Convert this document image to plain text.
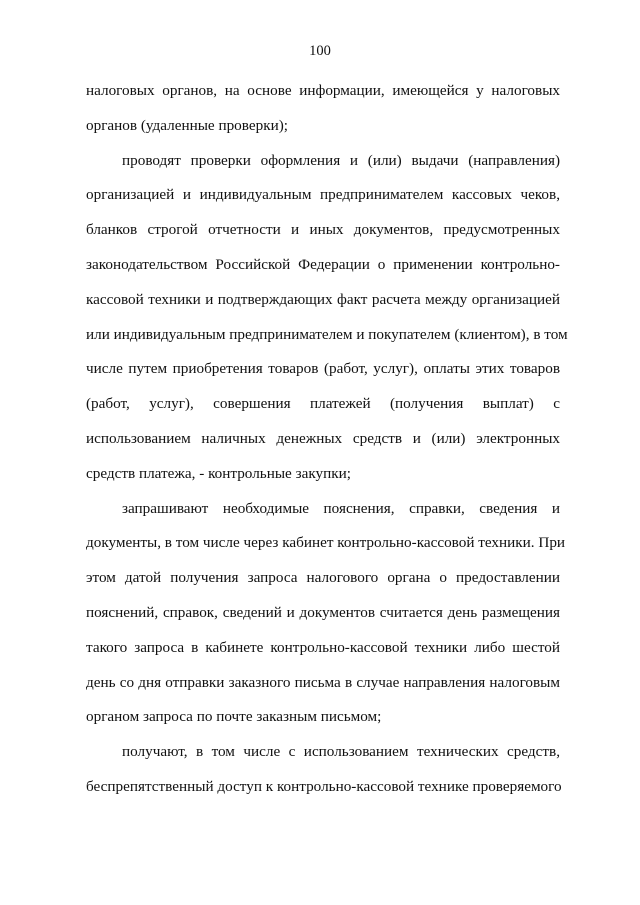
100
налоговых органов, на основе информации, имеющейся у налоговых
органов (удаленные проверки);
проводят проверки оформления и (или) выдачи (направления)
организацией и индивидуальным предпринимателем кассовых чеков,
бланков строгой отчетности и иных документов, предусмотренных
законодательством Российской Федерации о применении контрольно-
кассовой техники и подтверждающих факт расчета между организацией
или индивидуальным предпринимателем и покупателем (клиентом), в том
числе путем приобретения товаров (работ, услуг), оплаты этих товаров
(работ, услуг), совершения платежей (получения выплат) с
использованием наличных денежных средств и (или) электронных
средств платежа, - контрольные закупки;
запрашивают необходимые пояснения, справки, сведения и
документы, в том числе через кабинет контрольно-кассовой техники. При
этом датой получения запроса налогового органа о предоставлении
пояснений, справок, сведений и документов считается день размещения
такого запроса в кабинете контрольно-кассовой техники либо шестой
день со дня отправки заказного письма в случае направления налоговым
органом запроса по почте заказным письмом;
получают, в том числе с использованием технических средств,
беспрепятственный доступ к контрольно-кассовой технике проверяемого
